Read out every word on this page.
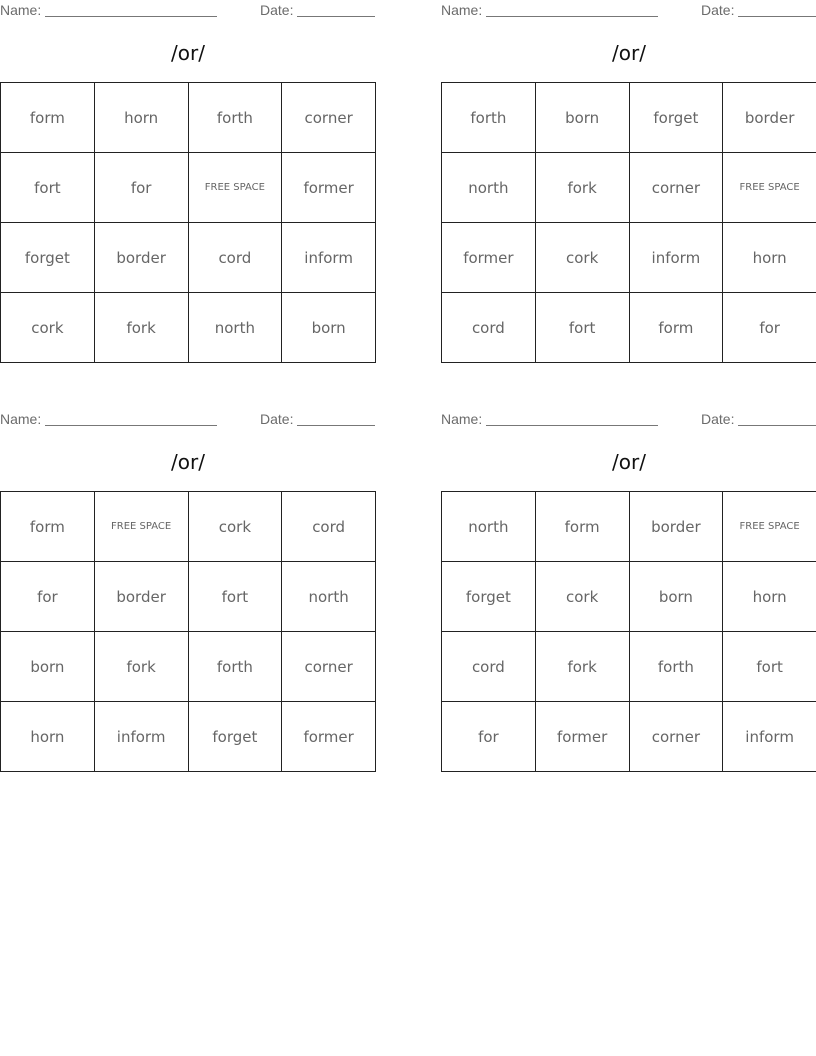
Name:	Date:
/or/
form	horn	forth	corner
fort	for	FREE SPACE	former
forget	border	cord	inform
cork	fork	north	born
Name:	Date:
/or/
forth	born	forget	border
north	fork	corner	FREE SPACE
former	cork	inform	horn
cord	fort	form	for
Name:	Date:
/or/
form	FREE SPACE	cork	cord
for	border	fort	north
born	fork	forth	corner
horn	inform	forget	former
Name:	Date:
/or/
north	form	border	FREE SPACE
forget	cork	born	horn
cord	fork	forth	fort
for	former	corner	inform
